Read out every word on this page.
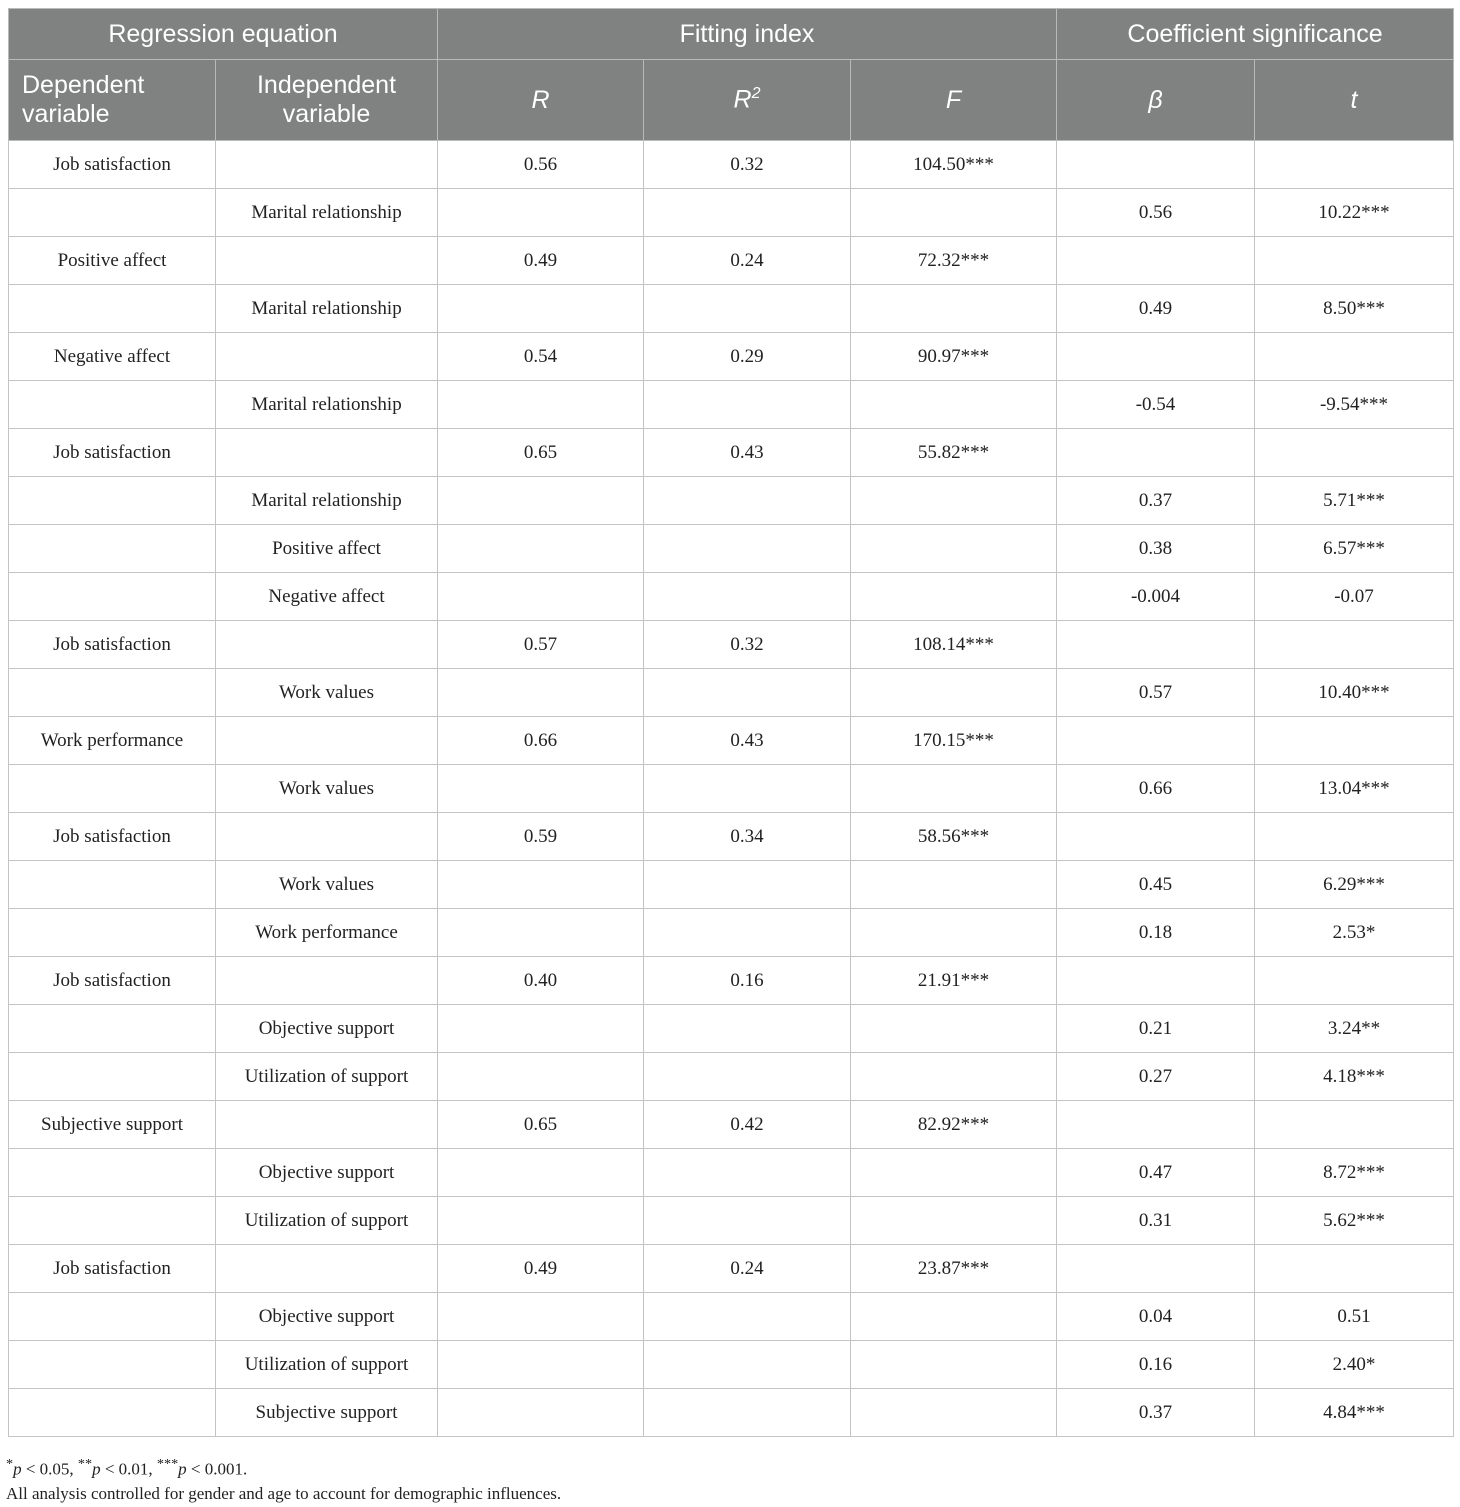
Regression equation		Fitting index			Coefficient significance	
Dependent
variable	Independent
variable	R	$R^2$	F	β	t
Job satisfaction		0.56	0.32	104.50***		
	Marital relationship				0.56	10.22***
Positive affect		0.49	0.24	72.32***		
	Marital relationship				0.49	8.50***
Negative affect		0.54	0.29	90.97***		
	Marital relationship				-0.54	-9.54***
Job satisfaction		0.65	0.43	55.82***		
	Marital relationship				0.37	5.71***
	Positive affect				0.38	6.57***
	Negative affect				-0.004	-0.07
Job satisfaction		0.57	0.32	108.14***		
	Work values				0.57	10.40***
Work performance		0.66	0.43	170.15***		
	Work values				0.66	13.04***
Job satisfaction		0.59	0.34	58.56***		
	Work values				0.45	6.29***
	Work performance				0.18	2.53*
Job satisfaction		0.40	0.16	21.91***		
	Objective support				0.21	3.24**
	Utilization of support				0.27	4.18***
Subjective support		0.65	0.42	82.92***		
	Objective support				0.47	8.72***
	Utilization of support				0.31	5.62***
Job satisfaction		0.49	0.24	23.87***		
	Objective support				0.04	0.51
	Utilization of support				0.16	2.40*
	Subjective support				0.37	4.84***
*p < 0.05, **p < 0.01, ***p < 0.001.
All analysis controlled for gender and age to account for demographic influences.
